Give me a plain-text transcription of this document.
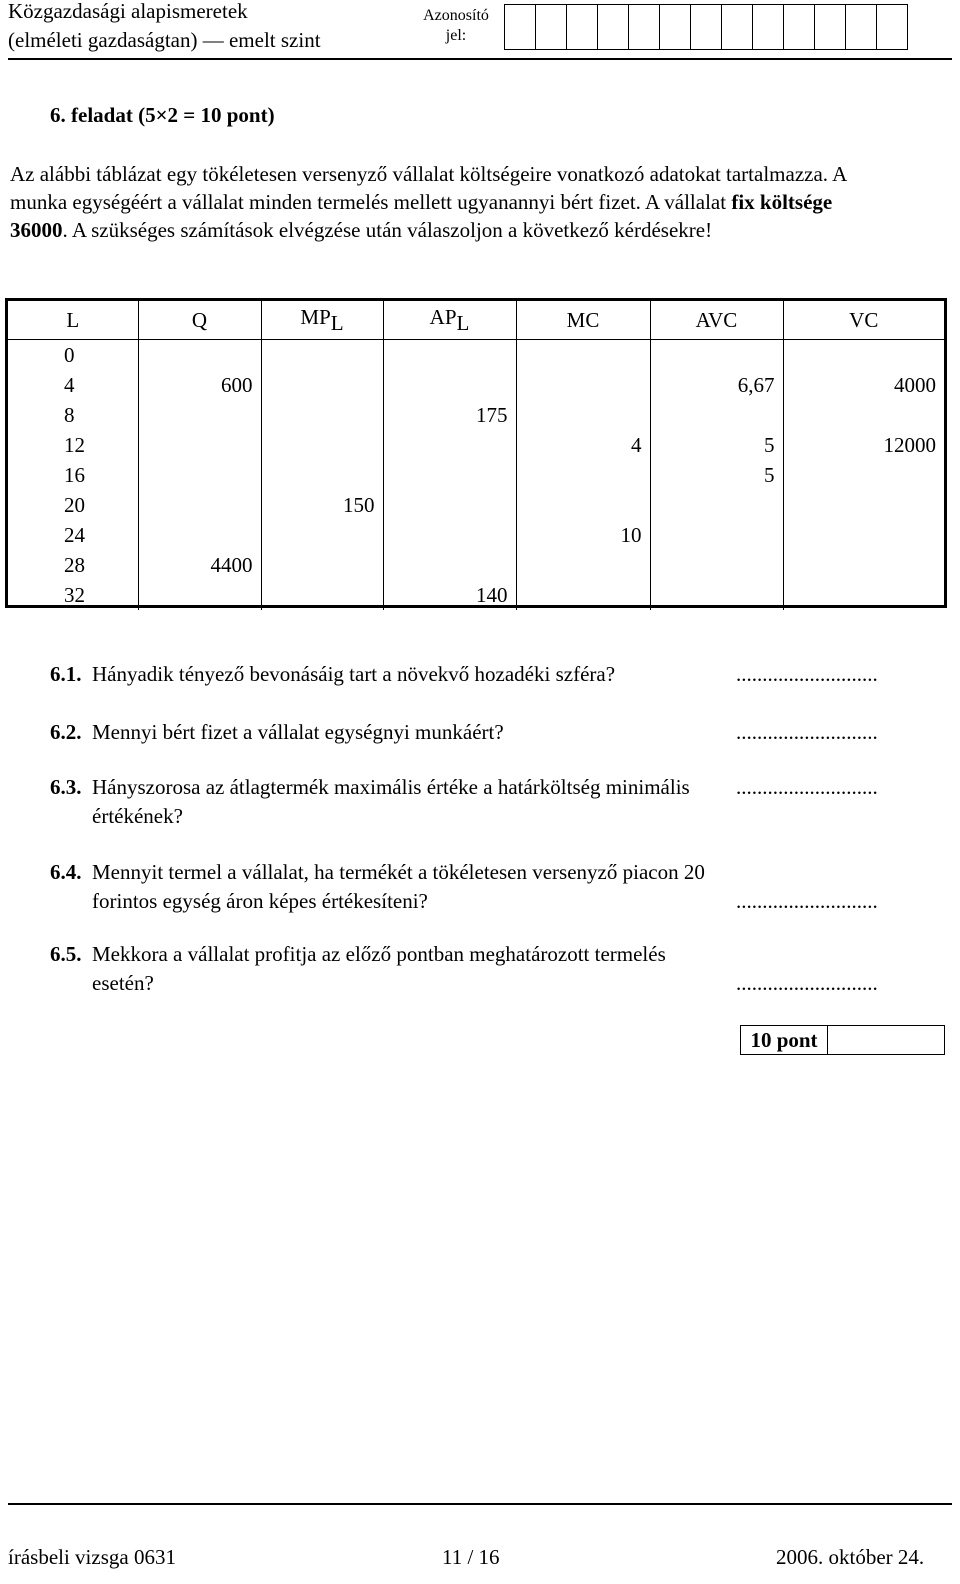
Közgazdasági alapismeretek
(elméleti gazdaságtan) — emelt szint
Azonosító
jel:
6. feladat (5×2 = 10 pont)
Az alábbi táblázat egy tökéletesen versenyző vállalat költségeire vonatkozó adatokat tartalmazza. A munka egységéért a vállalat minden termelés mellett ugyanannyi bért fizet. A vállalat fix költsége 36000. A szükséges számítások elvégzése után válaszoljon a következő kérdésekre!
L	Q	$MP_L$	$AP_L$	MC	AVC	VC
0						
4	600				6,67	4000
8			175			
12				4	5	12000
16					5	
20		150				
24				10		
28	4400					
32			140			
6.1. Hányadik tényező bevonásáig tart a növekvő hozadéki szféra?	...........................
6.2. Mennyi bért fizet a vállalat egységnyi munkáért?	...........................
6.3. Hányszorosa az átlagtermék maximális értéke a határköltség minimális értékének?
...........................
6.4. Mennyit termel a vállalat, ha termékét a tökéletesen versenyző piacon 20 forintos egység áron képes értékesíteni?	...........................
6.5. Mekkora a vállalat profitja az előző pontban meghatározott termelés esetén?	...........................
10 pont
írásbeli vizsga 0631	11 / 16	2006. október 24.
